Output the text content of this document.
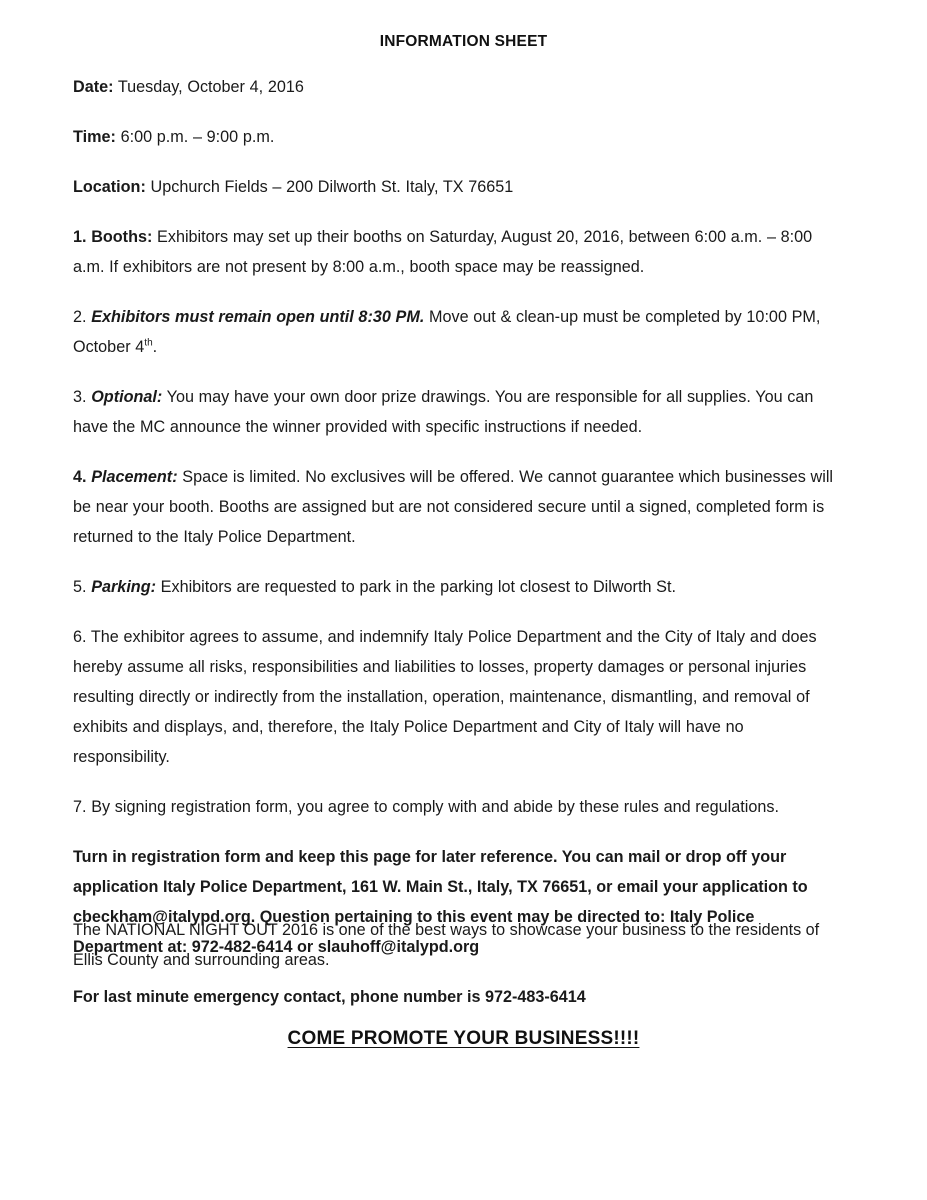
INFORMATION SHEET

Date: Tuesday, October 4, 2016

Time: 6:00 p.m. – 9:00 p.m.

Location: Upchurch Fields – 200 Dilworth St. Italy, TX 76651

1. Booths: Exhibitors may set up their booths on Saturday, August 20, 2016, between 6:00 a.m. – 8:00 a.m. If exhibitors are not present by 8:00 a.m., booth space may be reassigned.

2. Exhibitors must remain open until 8:30 PM. Move out & clean-up must be completed by 10:00 PM, October 4th.

3. Optional: You may have your own door prize drawings. You are responsible for all supplies. You can have the MC announce the winner provided with specific instructions if needed.

4. Placement: Space is limited. No exclusives will be offered. We cannot guarantee which businesses will be near your booth. Booths are assigned but are not considered secure until a signed, completed form is returned to the Italy Police Department.

5. Parking: Exhibitors are requested to park in the parking lot closest to Dilworth St.

6. The exhibitor agrees to assume, and indemnify Italy Police Department and the City of Italy and does hereby assume all risks, responsibilities and liabilities to losses, property damages or personal injuries resulting directly or indirectly from the installation, operation, maintenance, dismantling, and removal of exhibits and displays, and, therefore, the Italy Police Department and City of Italy will have no responsibility.

7. By signing registration form, you agree to comply with and abide by these rules and regulations.

Turn in registration form and keep this page for later reference. You can mail or drop off your application Italy Police Department, 161 W. Main St., Italy, TX 76651, or email your application to cbeckham@italypd.org. Question pertaining to this event may be directed to: Italy Police Department at: 972-482-6414 or slauhoff@italypd.org

For last minute emergency contact, phone number is 972-483-6414

The NATIONAL NIGHT OUT 2016 is one of the best ways to showcase your business to the residents of Ellis County and surrounding areas.

COME PROMOTE YOUR BUSINESS!!!!
